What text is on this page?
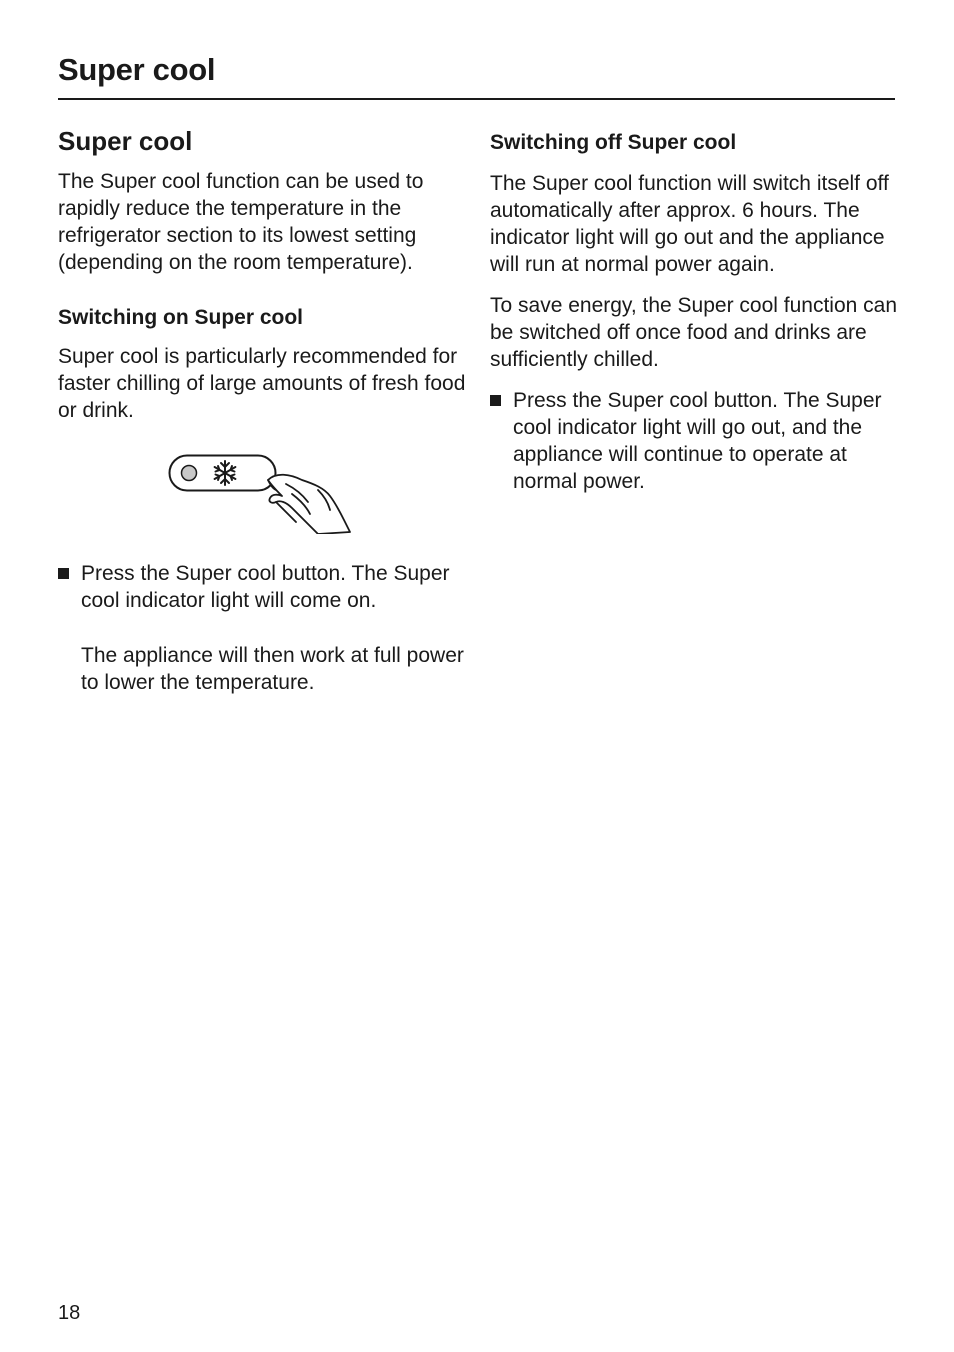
Super cool
Super cool

The Super cool function can be used to rapidly reduce the temperature in the refrigerator section to its lowest setting (depending on the room temperature).

Switching on Super cool

Super cool is particularly recommended for faster chilling of large amounts of fresh food or drink.

Press the Super cool button. The Super cool indicator light will come on.

The appliance will then work at full power to lower the temperature.

Switching off Super cool

The Super cool function will switch itself off automatically after approx. 6 hours. The indicator light will go out and the appliance will run at normal power again.

To save energy, the Super cool function can be switched off once food and drinks are sufficiently chilled.

Press the Super cool button. The Super cool indicator light will go out, and the appliance will continue to operate at normal power.

18
